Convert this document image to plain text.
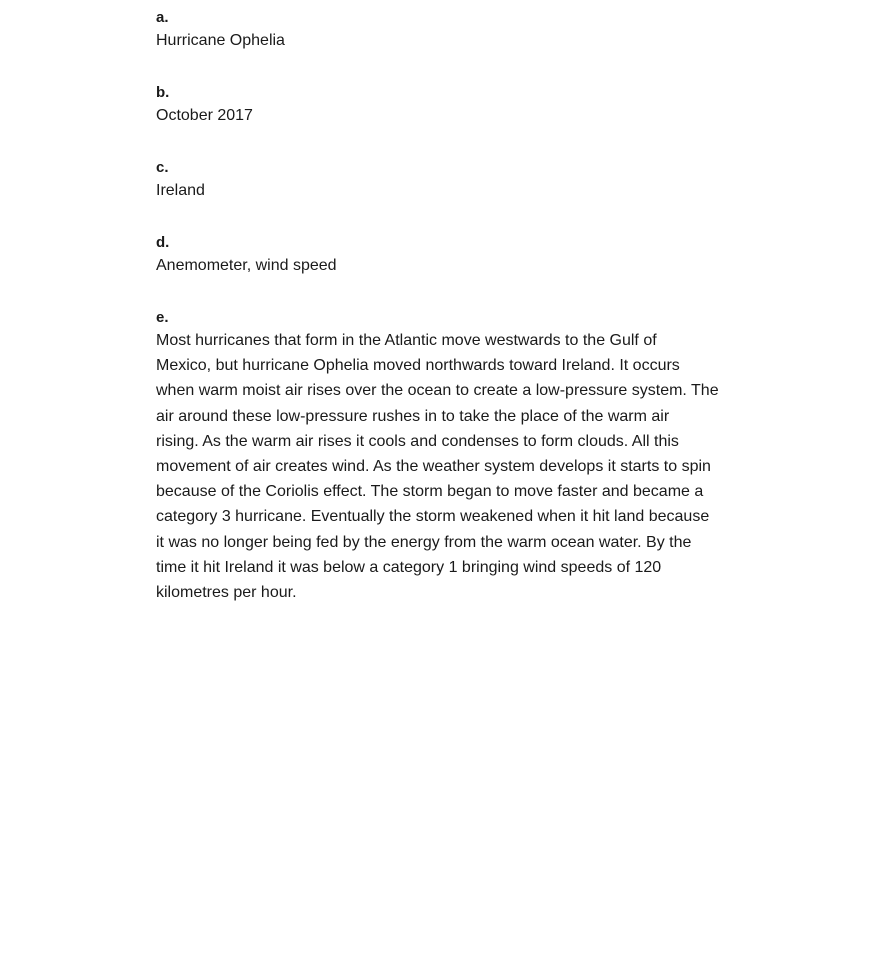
a.
Hurricane Ophelia
b.
October 2017
c.
Ireland
d.
Anemometer, wind speed
e.
Most hurricanes that form in the Atlantic move westwards to the Gulf of
Mexico, but hurricane Ophelia moved northwards toward Ireland. It occurs
when warm moist air rises over the ocean to create a low-pressure system. The
air around these low-pressure rushes in to take the place of the warm air
rising. As the warm air rises it cools and condenses to form clouds. All this
movement of air creates wind. As the weather system develops it starts to spin
because of the Coriolis effect. The storm began to move faster and became a
category 3 hurricane. Eventually the storm weakened when it hit land because
it was no longer being fed by the energy from the warm ocean water. By the
time it hit Ireland it was below a category 1 bringing wind speeds of 120
kilometres per hour.
